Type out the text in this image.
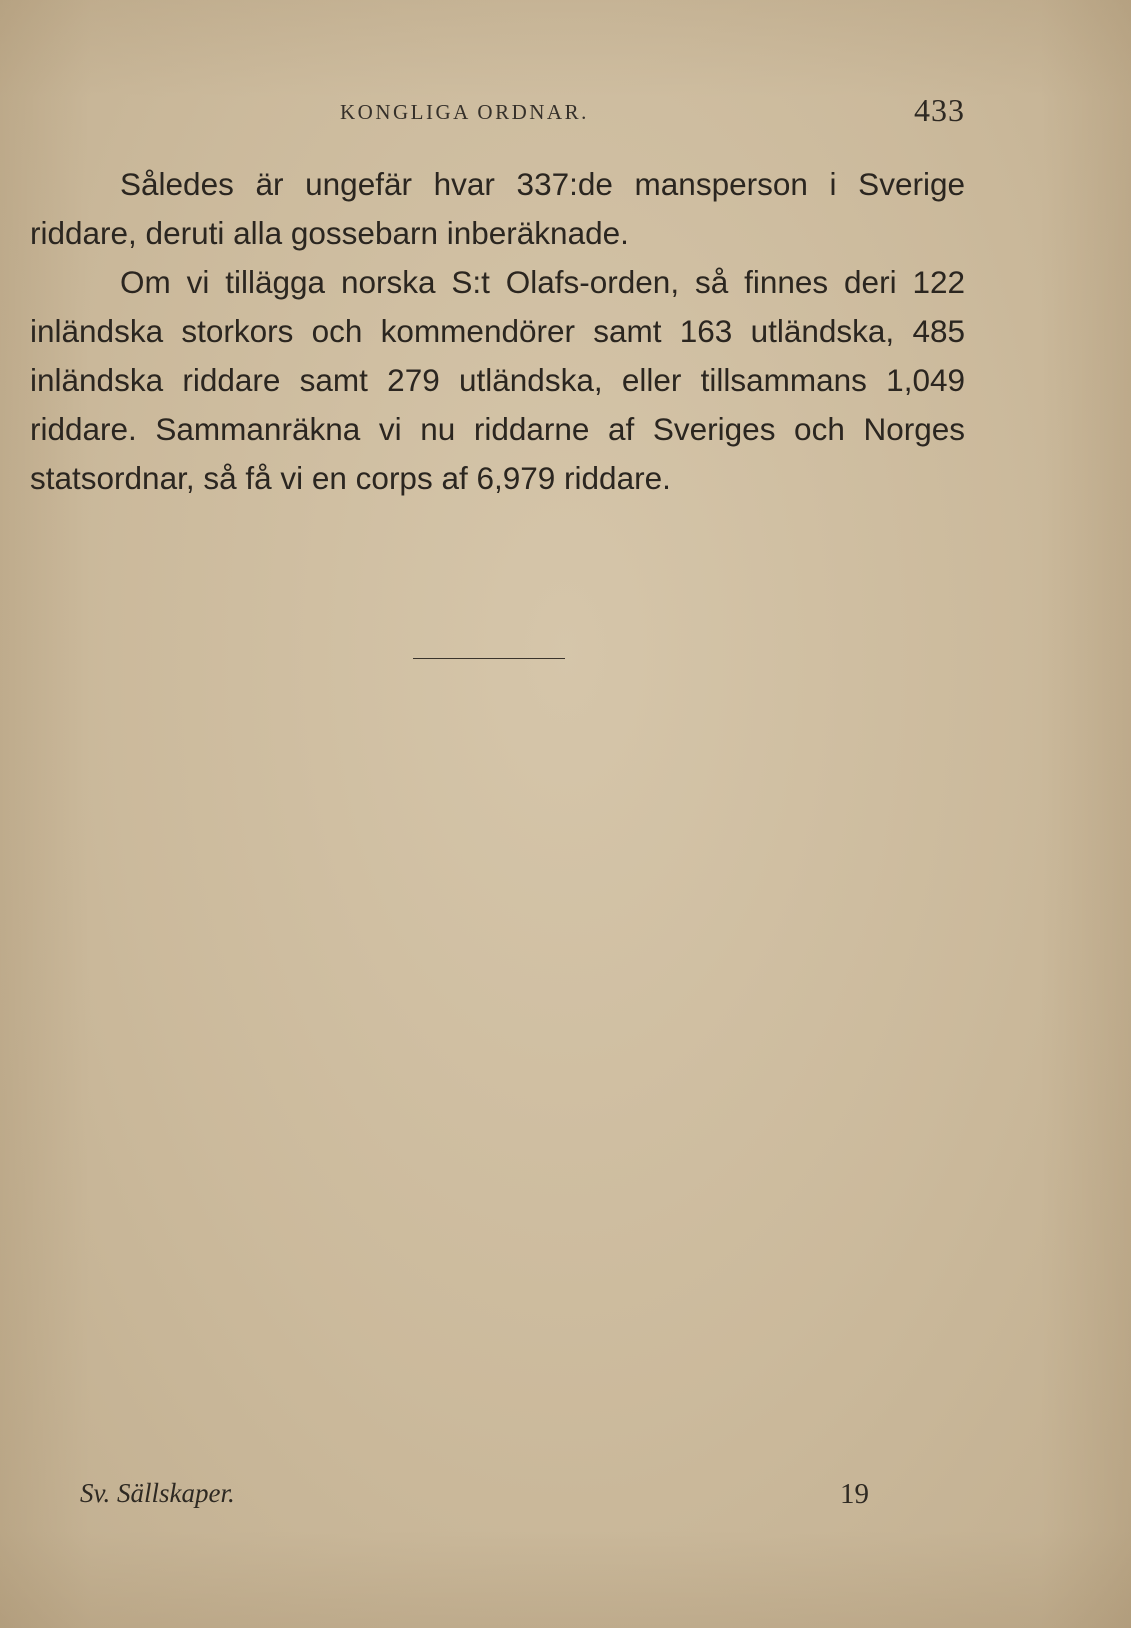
KONGLIGA ORDNAR.	433

Således är ungefär hvar 337:de mansperson i Sverige riddare, deruti alla gossebarn inberäknade.

Om vi tillägga norska S:t Olafs-orden, så finnes deri 122 inländska storkors och kommendörer samt 163 utländska, 485 inländska riddare samt 279 utländska, eller tillsammans 1,049 riddare. Sammanräkna vi nu riddarne af Sveriges och Norges statsordnar, så få vi en corps af 6,979 riddare.

Sv. Sällskaper.	19
